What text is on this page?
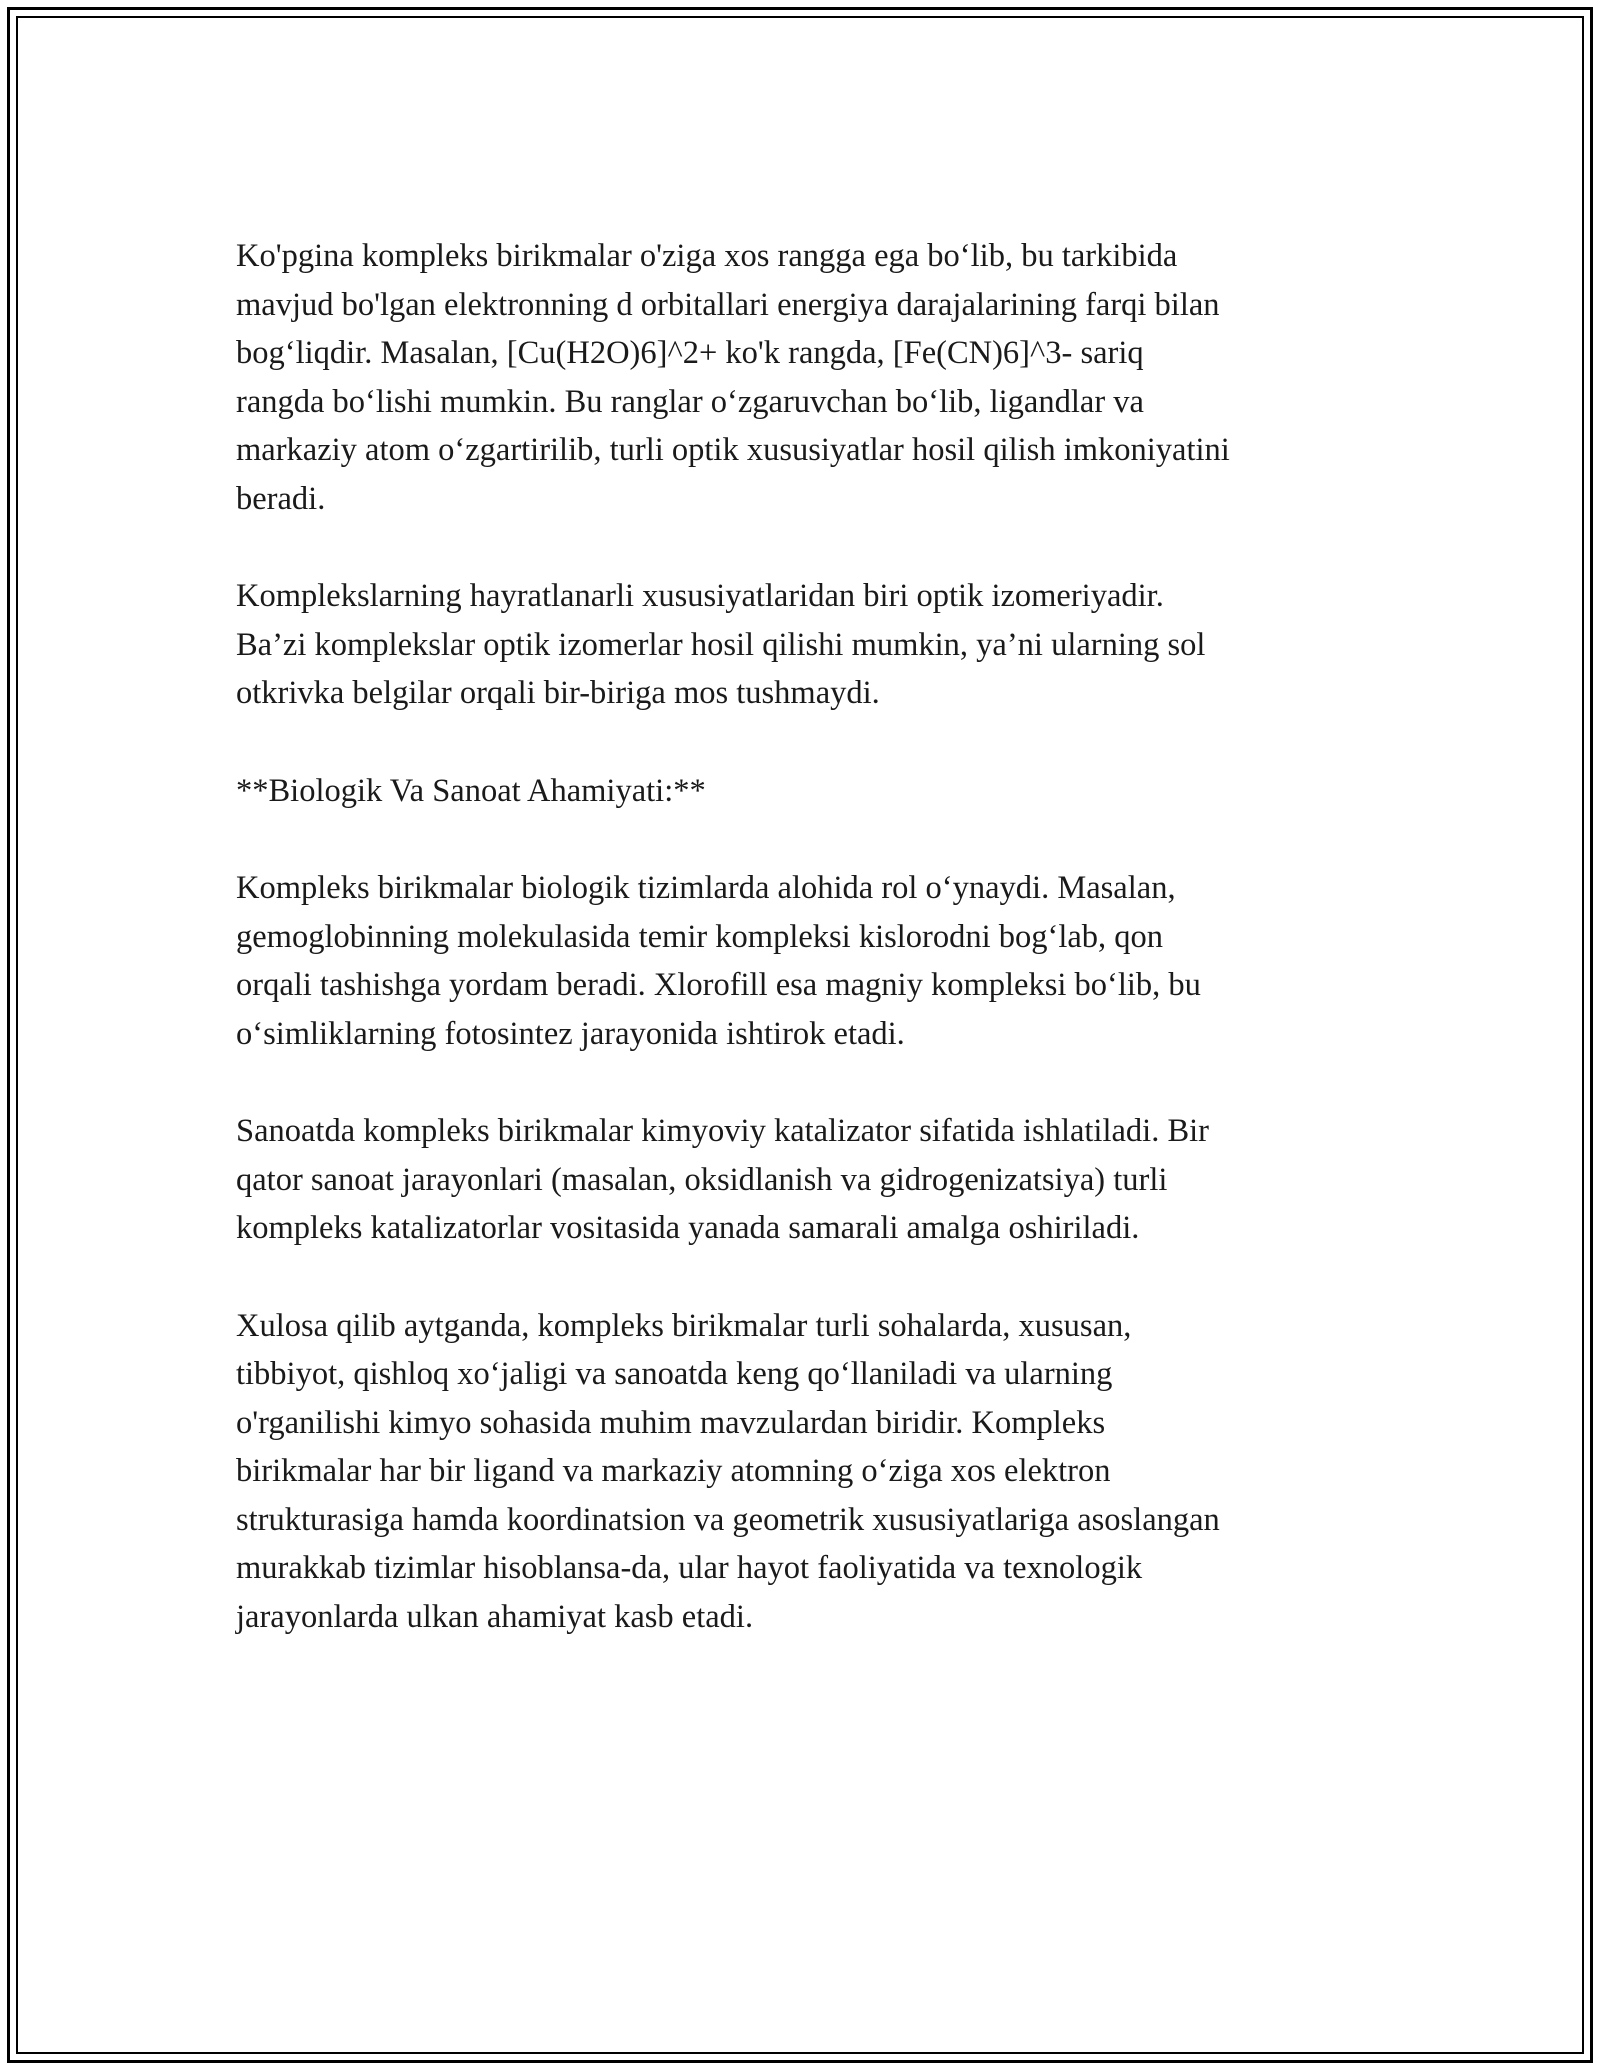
Ko'pgina kompleks birikmalar o'ziga xos rangga ega bo‘lib, bu tarkibida
mavjud bo'lgan elektronning d orbitallari energiya darajalarining farqi bilan
bog‘liqdir. Masalan, [Cu(H2O)6]^2+ ko'k rangda, [Fe(CN)6]^3- sariq
rangda bo‘lishi mumkin. Bu ranglar o‘zgaruvchan bo‘lib, ligandlar va
markaziy atom o‘zgartirilib, turli optik xususiyatlar hosil qilish imkoniyatini
beradi.

Komplekslarning hayratlanarli xususiyatlaridan biri optik izomeriyadir.
Ba’zi komplekslar optik izomerlar hosil qilishi mumkin, ya’ni ularning sol
otkrivka belgilar orqali bir-biriga mos tushmaydi.

**Biologik Va Sanoat Ahamiyati:**

Kompleks birikmalar biologik tizimlarda alohida rol o‘ynaydi. Masalan,
gemoglobinning molekulasida temir kompleksi kislorodni bog‘lab, qon
orqali tashishga yordam beradi. Xlorofill esa magniy kompleksi bo‘lib, bu
o‘simliklarning fotosintez jarayonida ishtirok etadi.

Sanoatda kompleks birikmalar kimyoviy katalizator sifatida ishlatiladi. Bir
qator sanoat jarayonlari (masalan, oksidlanish va gidrogenizatsiya) turli
kompleks katalizatorlar vositasida yanada samarali amalga oshiriladi.

Xulosa qilib aytganda, kompleks birikmalar turli sohalarda, xususan,
tibbiyot, qishloq xo‘jaligi va sanoatda keng qo‘llaniladi va ularning
o'rganilishi kimyo sohasida muhim mavzulardan biridir. Kompleks
birikmalar har bir ligand va markaziy atomning o‘ziga xos elektron
strukturasiga hamda koordinatsion va geometrik xususiyatlariga asoslangan
murakkab tizimlar hisoblansa-da, ular hayot faoliyatida va texnologik
jarayonlarda ulkan ahamiyat kasb etadi.
